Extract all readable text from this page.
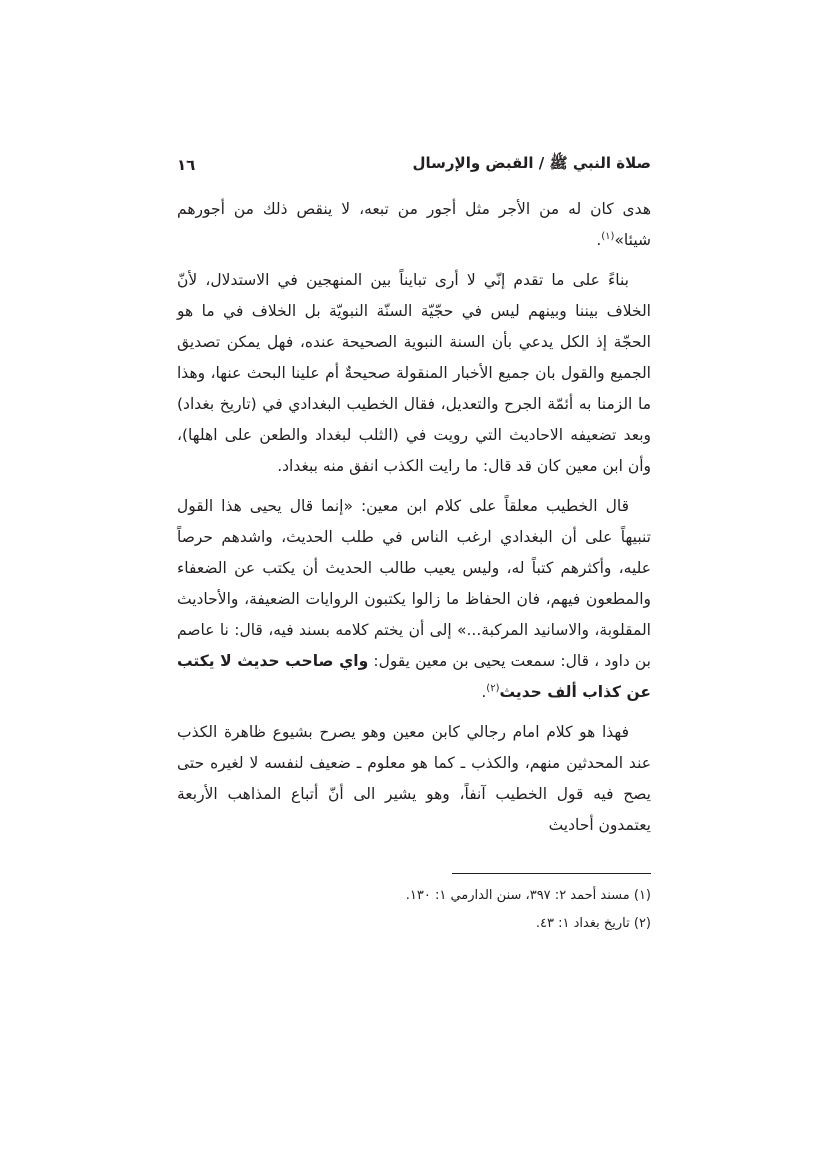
صلاة النبي ﷺ / القبض والإرسال
١٦

هدى كان له من الأجر مثل أجور من تبعه، لا ينقص ذلك من أجورهم شيئا»$^{(١)}$.

بناءً على ما تقدم إنّي لا أرى تبايناً بين المنهجين في الاستدلال، لأنّ الخلاف بيننا وبينهم ليس في حجّيّة السنّة النبويّة بل الخلاف في ما هو الحجّة إذ الكل يدعي بأن السنة النبوية الصحيحة عنده، فهل يمكن تصديق الجميع والقول بان جميع الأخبار المنقولة صحيحةٌ أم علينا البحث عنها، وهذا ما الزمنا به أئمّة الجرح والتعديل، فقال الخطيب البغدادي في (تاريخ بغداد) وبعد تضعيفه الاحاديث التي رويت في (الثلب لبغداد والطعن على اهلها)، وأن ابن معين كان قد قال: ما رايت الكذب انفق منه ببغداد.

قال الخطيب معلقاً على كلام ابن معين: «إنما قال يحيى هذا القول تنبيهاً على أن البغدادي ارغب الناس في طلب الحديث، واشدهم حرصاً عليه، وأكثرهم كتباً له، وليس يعيب طالب الحديث أن يكتب عن الضعفاء والمطعون فيهم، فان الحفاظ ما زالوا يكتبون الروايات الضعيفة، والأحاديث المقلوبة، والاسانيد المركبة...» إلى أن يختم كلامه بسند فيه، قال: نا عاصم بن داود ، قال: سمعت يحيى بن معين يقول: واي صاحب حديث لا يكتب عن كذاب ألف حديث$^{(٢)}$.

فهذا هو كلام امام رجالي كابن معين وهو يصرح بشيوع ظاهرة الكذب عند المحدثين منهم، والكذب ـ كما هو معلوم ـ ضعيف لنفسه لا لغيره حتى يصح فيه قول الخطيب آنفاً، وهو يشير الى أنّ أتباع المذاهب الأربعة يعتمدون أحاديث

(١) مسند أحمد ٢: ٣٩٧، سنن الدارمي ١: ١٣٠.
(٢) تاريخ بغداد ١: ٤٣.
